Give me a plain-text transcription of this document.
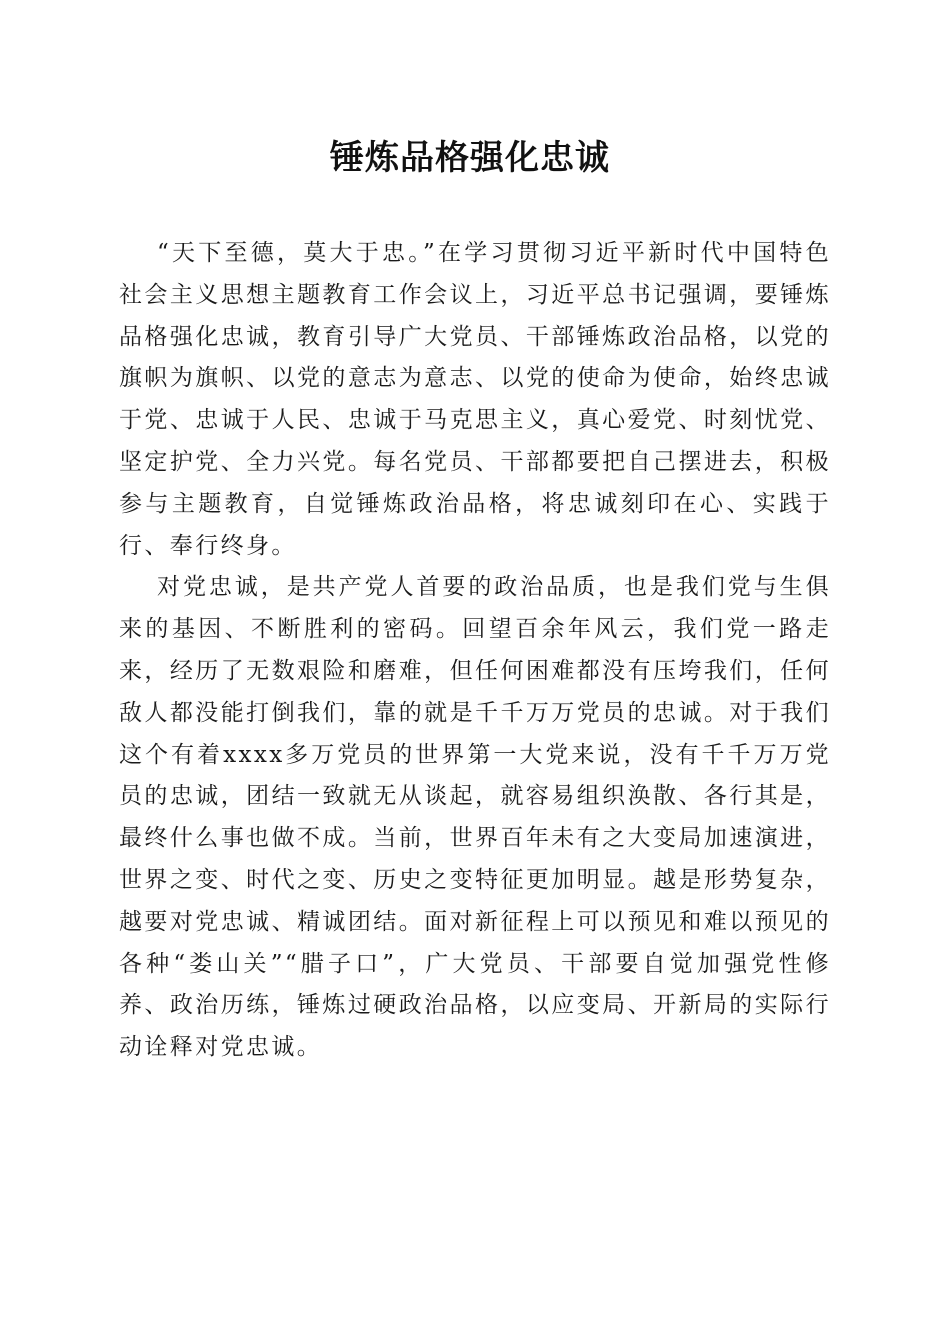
锤炼品格强化忠诚

“天下至德，莫大于忠。”在学习贯彻习近平新时代中国特色社会主义思想主题教育工作会议上，习近平总书记强调，要锤炼品格强化忠诚，教育引导广大党员、干部锤炼政治品格，以党的旗帜为旗帜、以党的意志为意志、以党的使命为使命，始终忠诚于党、忠诚于人民、忠诚于马克思主义，真心爱党、时刻忧党、坚定护党、全力兴党。每名党员、干部都要把自己摆进去，积极参与主题教育，自觉锤炼政治品格，将忠诚刻印在心、实践于行、奉行终身。

对党忠诚，是共产党人首要的政治品质，也是我们党与生俱来的基因、不断胜利的密码。回望百余年风云，我们党一路走来，经历了无数艰险和磨难，但任何困难都没有压垮我们，任何敌人都没能打倒我们，靠的就是千千万万党员的忠诚。对于我们这个有着xxxx多万党员的世界第一大党来说，没有千千万万党员的忠诚，团结一致就无从谈起，就容易组织涣散、各行其是，最终什么事也做不成。当前，世界百年未有之大变局加速演进，世界之变、时代之变、历史之变特征更加明显。越是形势复杂，越要对党忠诚、精诚团结。面对新征程上可以预见和难以预见的各种“娄山关”“腊子口”，广大党员、干部要自觉加强党性修养、政治历练，锤炼过硬政治品格，以应变局、开新局的实际行动诠释对党忠诚。
